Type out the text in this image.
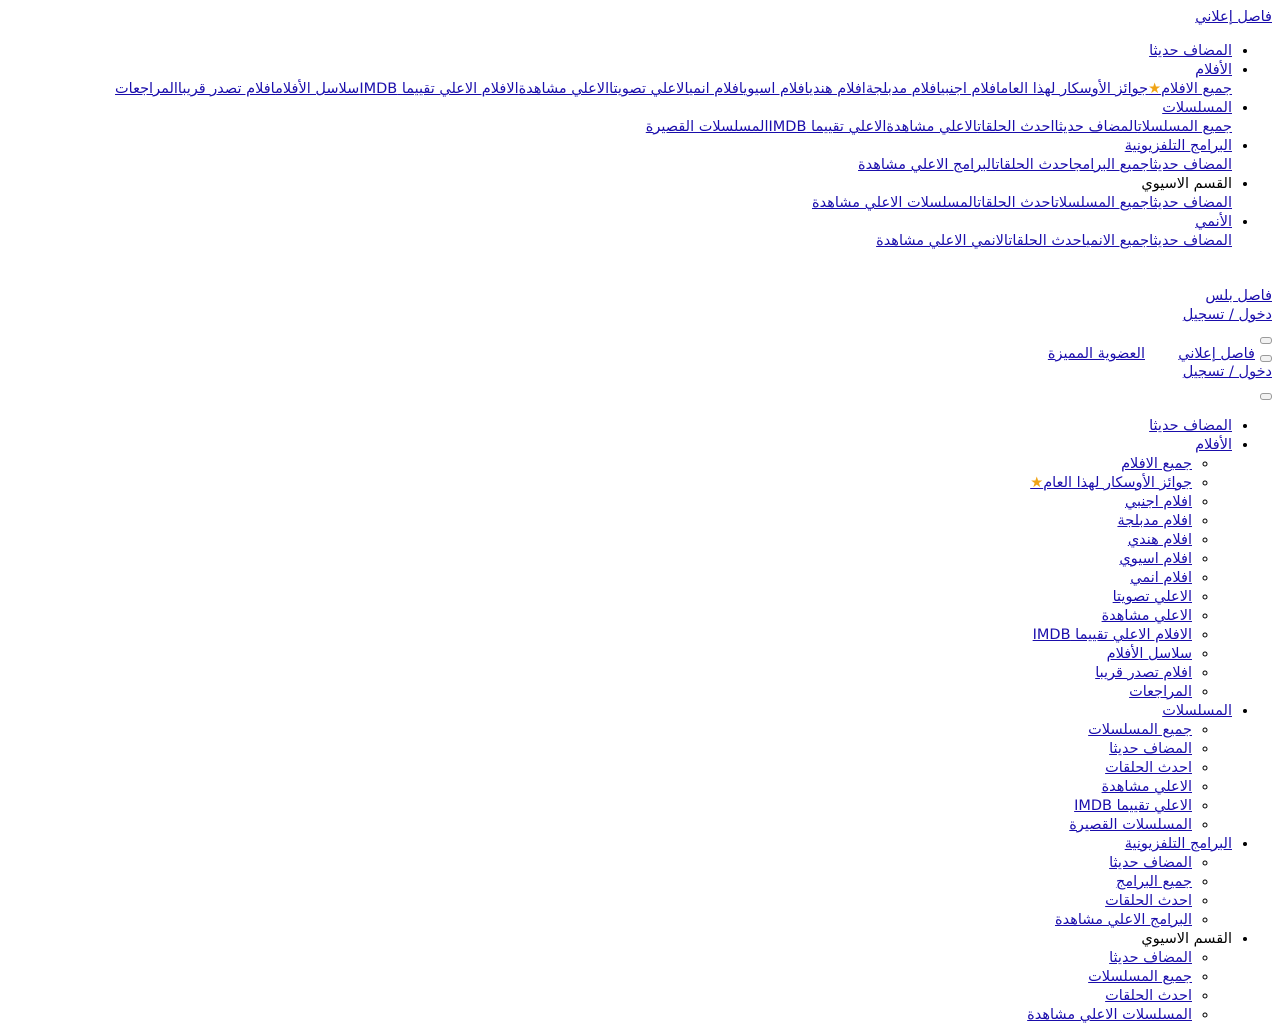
فاصل إعلاني
• المضاف حديثا
• الأفلام
جميع الافلام★جوائز الأوسكار لهذا العامافلام اجنبيافلام مدبلجةافلام هنديافلام اسيويافلام انميالاعلي تصويتاالاعلي مشاهدةالافلام الاعلي تقييما IMDBسلاسل الأفلامافلام تصدر قريباالمراجعات
• المسلسلات
جميع المسلسلاتالمضاف حديثااحدث الحلقاتالاعلي مشاهدةالاعلي تقييما IMDBالمسلسلات القصيرة
• البرامج التلفزيونية
المضاف حديثاجميع البرامجاحدث الحلقاتالبرامج الاعلي مشاهدة
• القسم الاسيوي
المضاف حديثاجميع المسلسلاتاحدث الحلقاتالمسلسلات الاعلي مشاهدة
• الأنمي
المضاف حديثاجميع الانمياحدث الحلقاتالانمي الاعلي مشاهدة
فاصل بلس
دخول / تسجيل
فاصل إعلاني
العضوية المميزة
دخول / تسجيل
• المضاف حديثا
• الأفلام
◦ جميع الافلام
◦ جوائز الأوسكار لهذا العام★
◦ افلام اجنبي
◦ افلام مدبلجة
◦ افلام هندي
◦ افلام اسيوي
◦ افلام انمي
◦ الاعلي تصويتا
◦ الاعلي مشاهدة
◦ الافلام الاعلي تقييما IMDB
◦ سلاسل الأفلام
◦ افلام تصدر قريبا
◦ المراجعات
• المسلسلات
◦ جميع المسلسلات
◦ المضاف حديثا
◦ احدث الحلقات
◦ الاعلي مشاهدة
◦ الاعلي تقييما IMDB
◦ المسلسلات القصيرة
• البرامج التلفزيونية
◦ المضاف حديثا
◦ جميع البرامج
◦ احدث الحلقات
◦ البرامج الاعلي مشاهدة
• القسم الاسيوي
◦ المضاف حديثا
◦ جميع المسلسلات
◦ احدث الحلقات
◦ المسلسلات الاعلي مشاهدة
